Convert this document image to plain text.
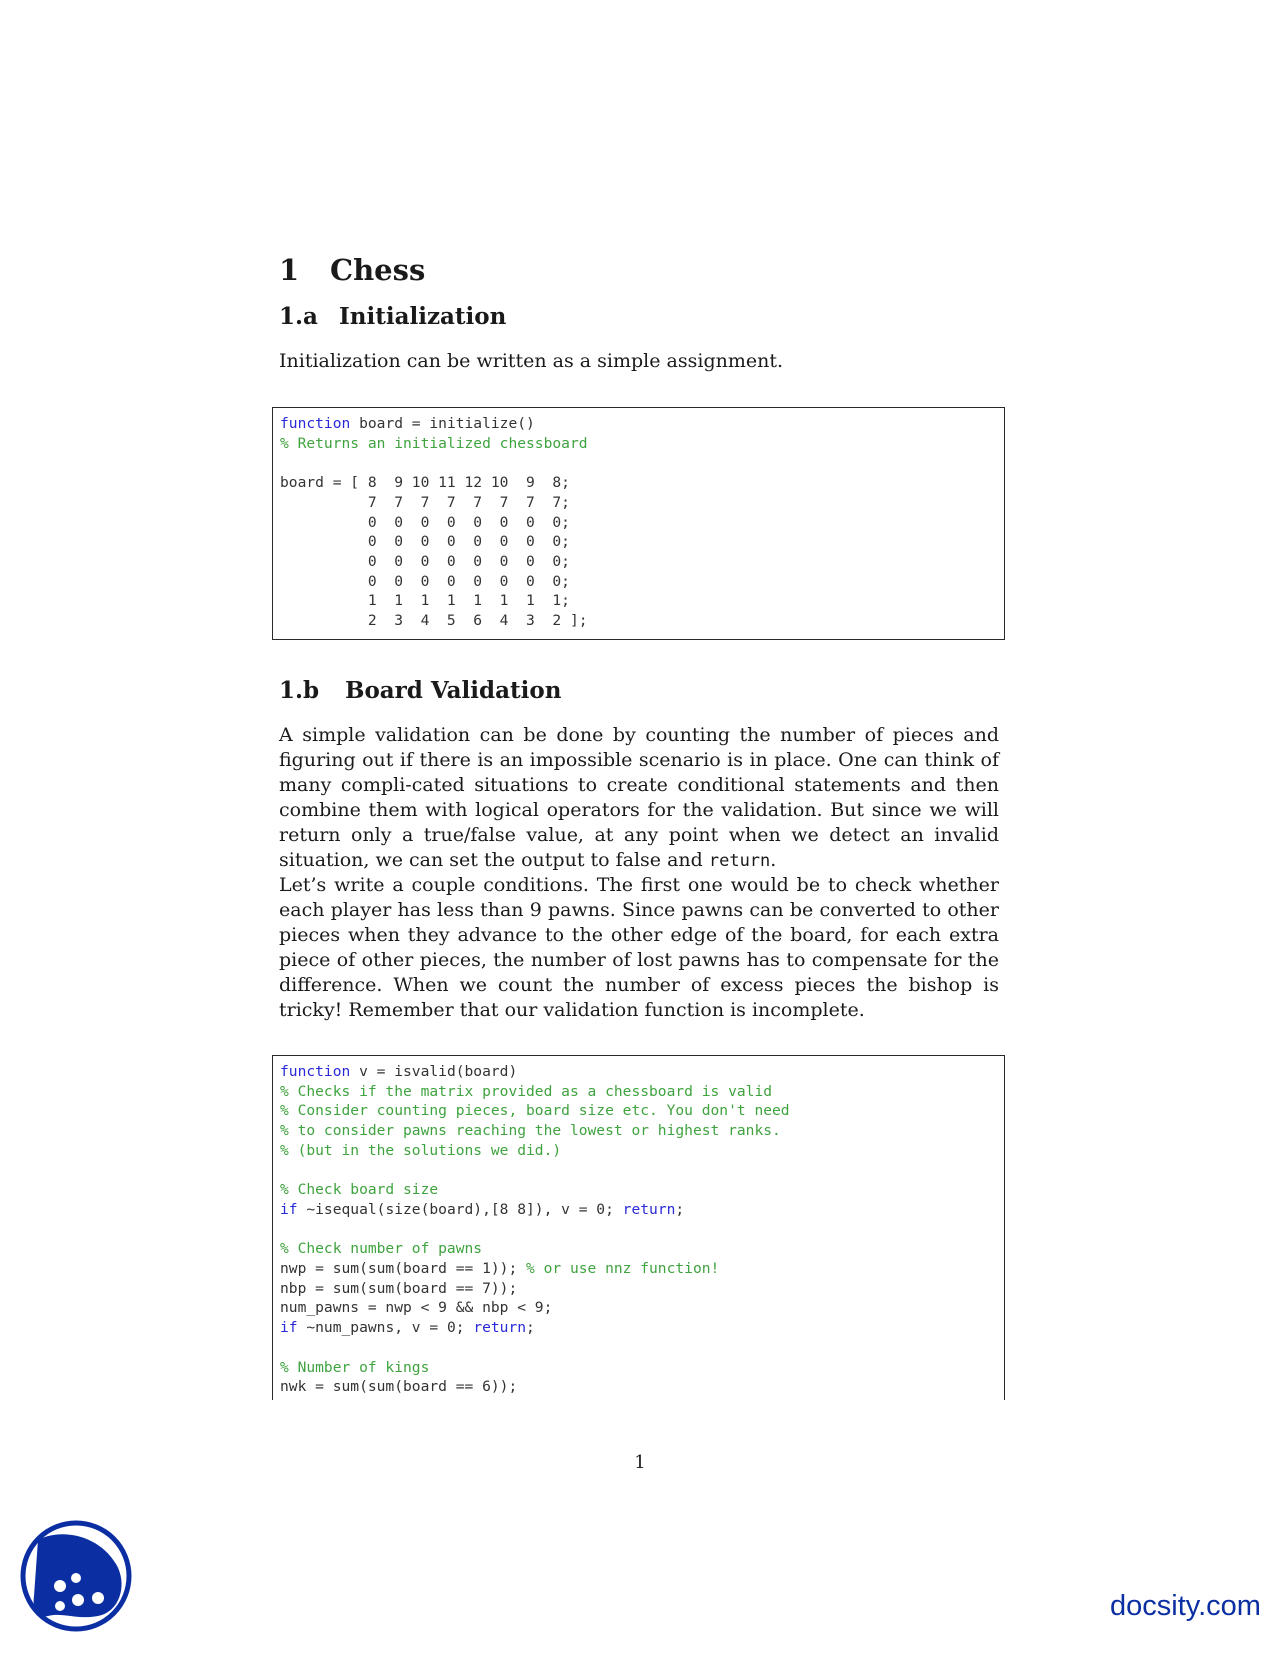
1 Chess
1.a Initialization

Initialization can be written as a simple assignment.

function board = initialize()
% Returns an initialized chessboard

board = [ 8  9 10 11 12 10  9  8;
7  7  7  7  7  7  7  7;
0  0  0  0  0  0  0  0;
0  0  0  0  0  0  0  0;
0  0  0  0  0  0  0  0;
0  0  0  0  0  0  0  0;
1  1  1  1  1  1  1  1;
2  3  4  5  6  4  3  2 ];
1.b Board Validation

A simple validation can be done by counting the number of pieces and figuring out if there is an impossible scenario is in place. One can think of many compli-cated situations to create conditional statements and then combine them with logical operators for the validation. But since we will return only a true/false value, at any point when we detect an invalid situation, we can set the output to false and return.

Let’s write a couple conditions. The first one would be to check whether each player has less than 9 pawns. Since pawns can be converted to other pieces when they advance to the other edge of the board, for each extra piece of other pieces, the number of lost pawns has to compensate for the difference. When we count the number of excess pieces the bishop is tricky! Remember that our validation function is incomplete.

function v = isvalid(board)
% Checks if the matrix provided as a chessboard is valid
% Consider counting pieces, board size etc. You don't need
% to consider pawns reaching the lowest or highest ranks.
% (but in the solutions we did.)

% Check board size
if ~isequal(size(board),[8 8]), v = 0; return;

% Check number of pawns
nwp = sum(sum(board == 1)); % or use nnz function!
nbp = sum(sum(board == 7));
num_pawns = nwp < 9 && nbp < 9;
if ~num_pawns, v = 0; return;

% Number of kings
nwk = sum(sum(board == 6));
1
docsity.com
